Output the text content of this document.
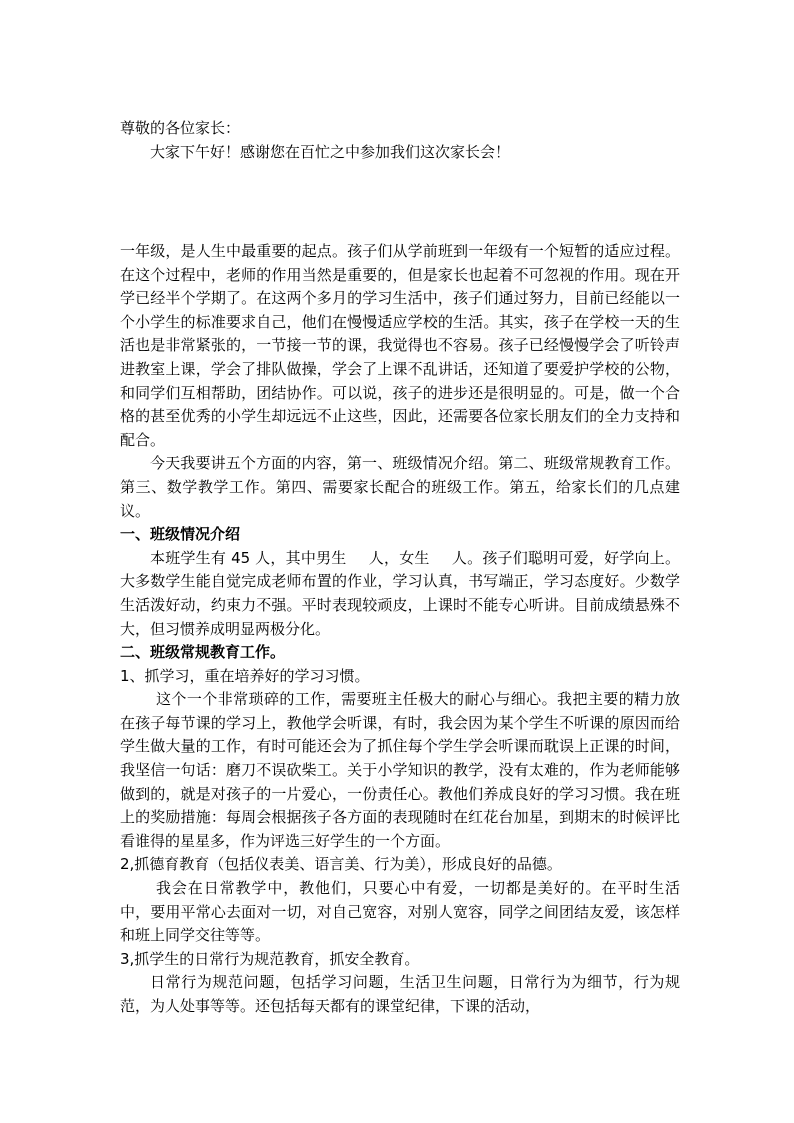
尊敬的各位家长：

大家下午好！感谢您在百忙之中参加我们这次家长会！

一年级，是人生中最重要的起点。孩子们从学前班到一年级有一个短暂的适应过程。在这个过程中，老师的作用当然是重要的，但是家长也起着不可忽视的作用。现在开学已经半个学期了。在这两个多月的学习生活中，孩子们通过努力，目前已经能以一个小学生的标准要求自己，他们在慢慢适应学校的生活。其实，孩子在学校一天的生活也是非常紧张的，一节接一节的课，我觉得也不容易。孩子已经慢慢学会了听铃声进教室上课，学会了排队做操，学会了上课不乱讲话，还知道了要爱护学校的公物，和同学们互相帮助，团结协作。可以说，孩子的进步还是很明显的。可是，做一个合格的甚至优秀的小学生却远远不止这些，因此，还需要各位家长朋友们的全力支持和配合。

今天我要讲五个方面的内容，第一、班级情况介绍。第二、班级常规教育工作。第三、数学教学工作。第四、需要家长配合的班级工作。第五，给家长们的几点建议。

一、班级情况介绍

本班学生有 45 人，其中男生 人，女生 人。孩子们聪明可爱，好学向上。大多数学生能自觉完成老师布置的作业，学习认真，书写端正，学习态度好。少数学生活泼好动，约束力不强。平时表现较顽皮，上课时不能专心听讲。目前成绩悬殊不大，但习惯养成明显两极分化。

二、班级常规教育工作。

1、抓学习，重在培养好的学习习惯。

这个一个非常琐碎的工作，需要班主任极大的耐心与细心。我把主要的精力放在孩子每节课的学习上，教他学会听课，有时，我会因为某个学生不听课的原因而给学生做大量的工作，有时可能还会为了抓住每个学生学会听课而耽误上正课的时间，我坚信一句话：磨刀不误砍柴工。关于小学知识的教学，没有太难的，作为老师能够做到的，就是对孩子的一片爱心，一份责任心。教他们养成良好的学习习惯。我在班上的奖励措施：每周会根据孩子各方面的表现随时在红花台加星，到期末的时候评比看谁得的星星多，作为评选三好学生的一个方面。

2,抓德育教育（包括仪表美、语言美、行为美），形成良好的品德。

我会在日常教学中，教他们，只要心中有爱，一切都是美好的。在平时生活中，要用平常心去面对一切，对自己宽容，对别人宽容，同学之间团结友爱，该怎样和班上同学交往等等。

3,抓学生的日常行为规范教育，抓安全教育。

日常行为规范问题，包括学习问题，生活卫生问题，日常行为为细节，行为规范，为人处事等等。还包括每天都有的课堂纪律，下课的活动，
